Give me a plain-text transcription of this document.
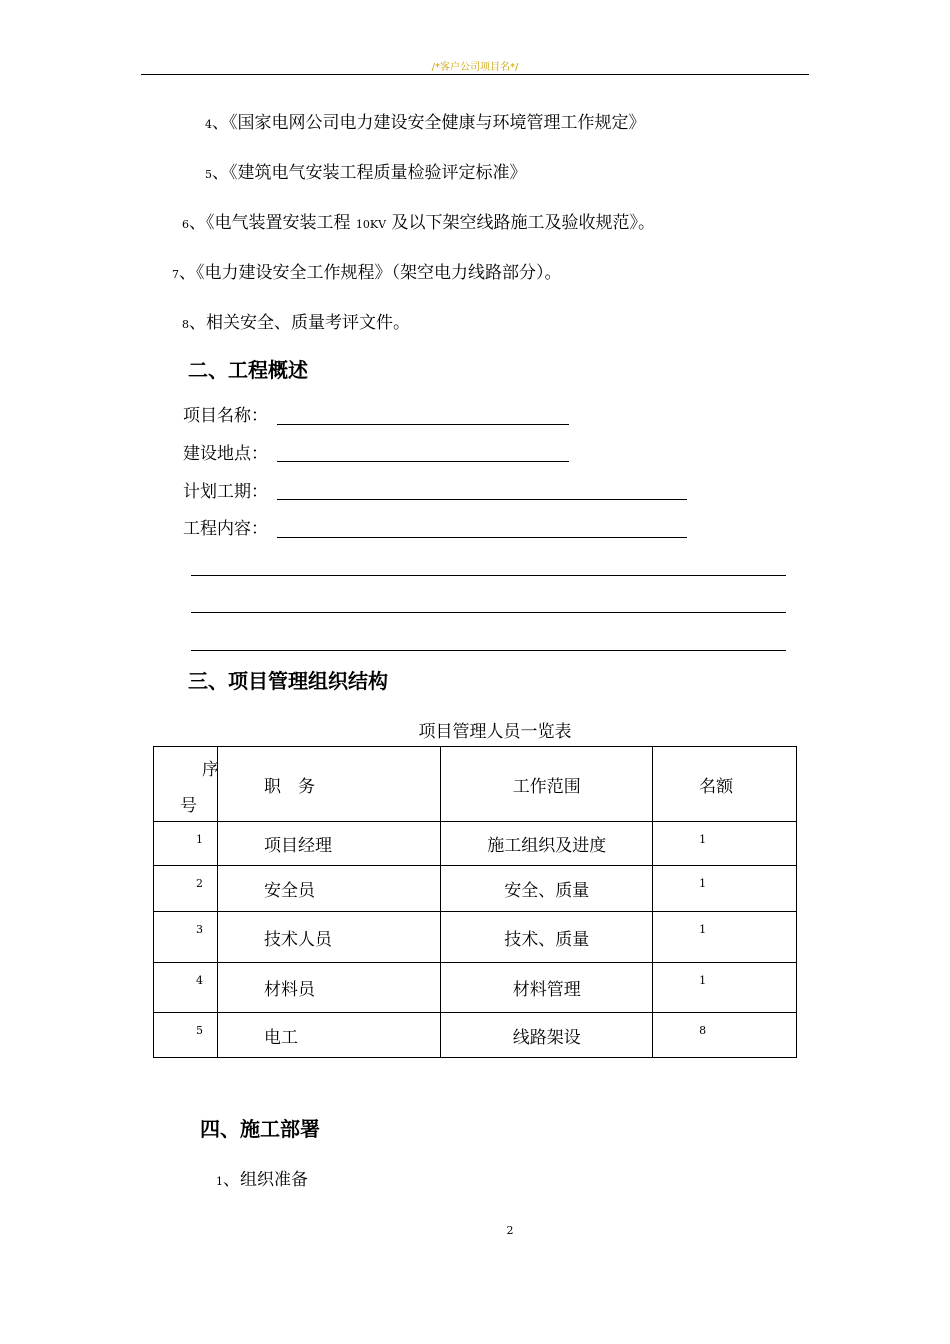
/*客户公司项目名*/
4、《国家电网公司电力建设安全健康与环境管理工作规定》
5、《建筑电气安装工程质量检验评定标准》
6、《电气装置安装工程 10KV 及以下架空线路施工及验收规范》。
7、《电力建设安全工作规程》（架空电力线路部分）。
8、相关安全、质量考评文件。
二、工程概述
项目名称：
建设地点：
计划工期：
工程内容：
三、项目管理组织结构
项目管理人员一览表
序
号	职　务	工作范围	名额
1	项目经理	施工组织及进度	1
2	安全员	安全、质量	1
3	技术人员	技术、质量	1
4	材料员	材料管理	1
5	电工	线路架设	8
四、施工部署
1、组织准备
2
